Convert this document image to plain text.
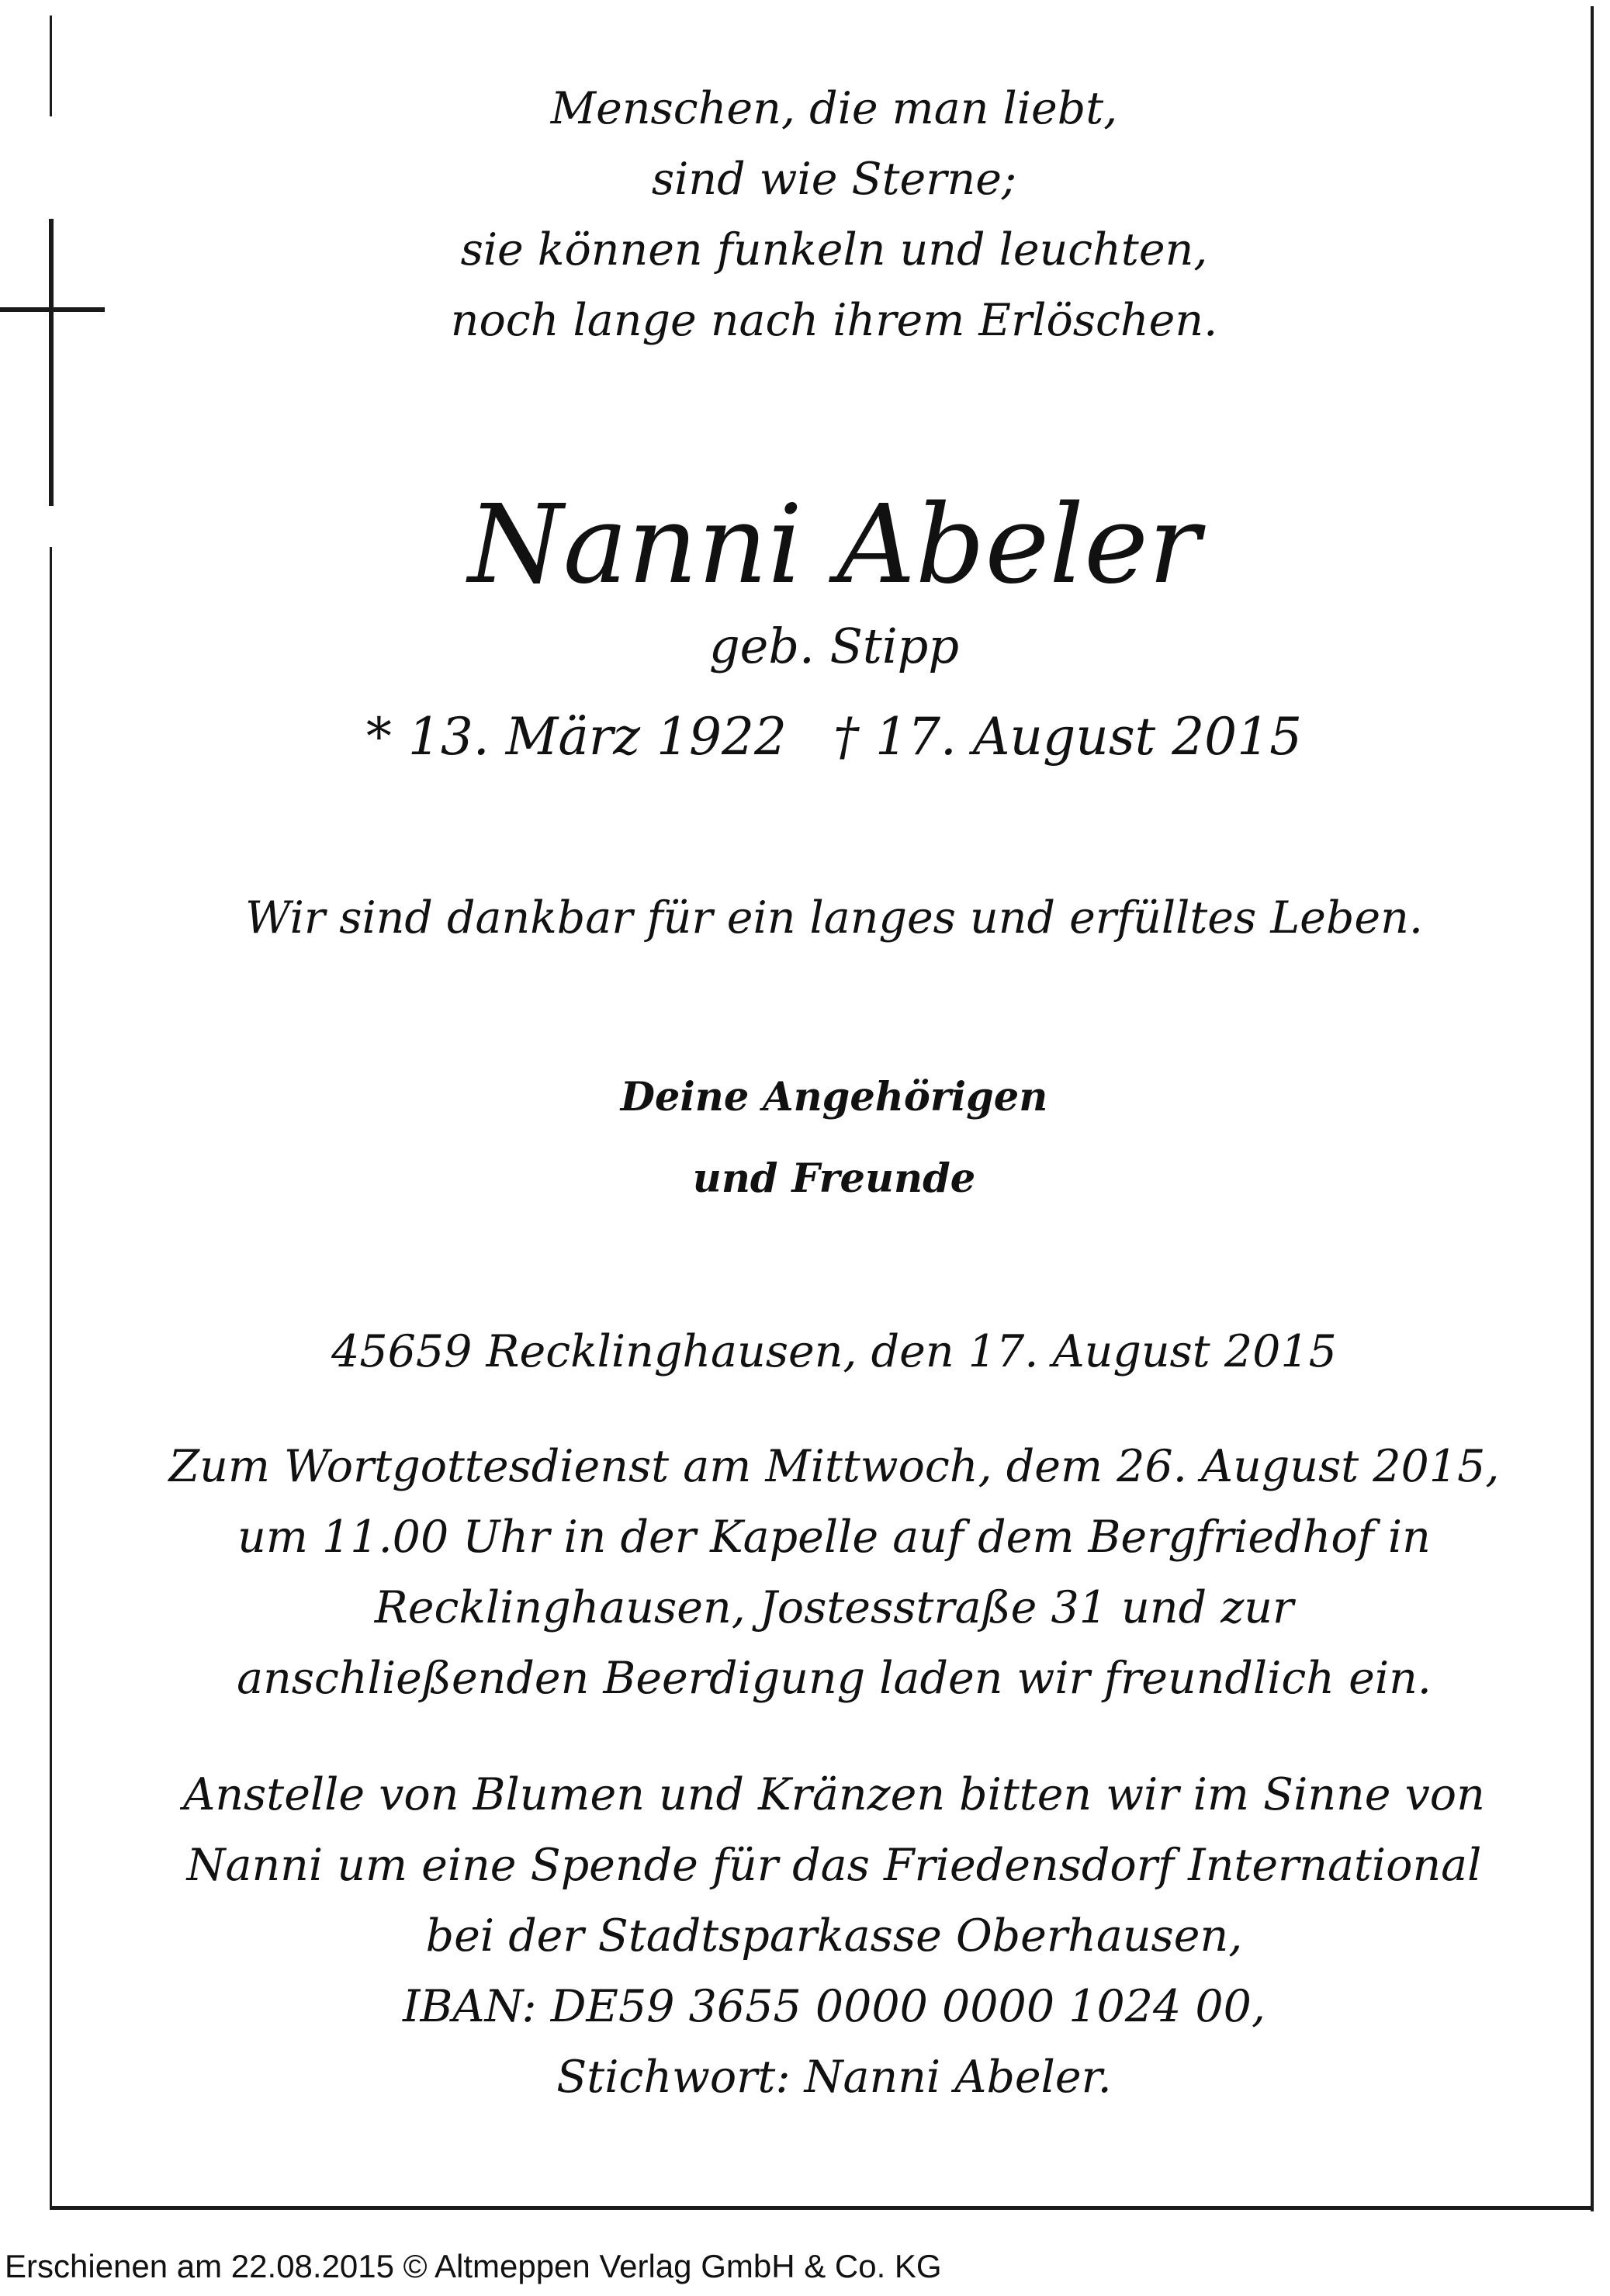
Menschen, die man liebt,
sind wie Sterne;
sie können funkeln und leuchten,
noch lange nach ihrem Erlöschen.
Nanni Abeler
geb. Stipp
* 13. März 1922 † 17. August 2015
Wir sind dankbar für ein langes und erfülltes Leben.
Deine Angehörigen
und Freunde
45659 Recklinghausen, den 17. August 2015
Zum Wortgottesdienst am Mittwoch, dem 26. August 2015,
um 11.00 Uhr in der Kapelle auf dem Bergfriedhof in
Recklinghausen, Jostesstraße 31 und zur
anschließenden Beerdigung laden wir freundlich ein.
Anstelle von Blumen und Kränzen bitten wir im Sinne von
Nanni um eine Spende für das Friedensdorf International
bei der Stadtsparkasse Oberhausen,
IBAN: DE59 3655 0000 0000 1024 00,
Stichwort: Nanni Abeler.
Erschienen am 22.08.2015 © Altmeppen Verlag GmbH & Co. KG
